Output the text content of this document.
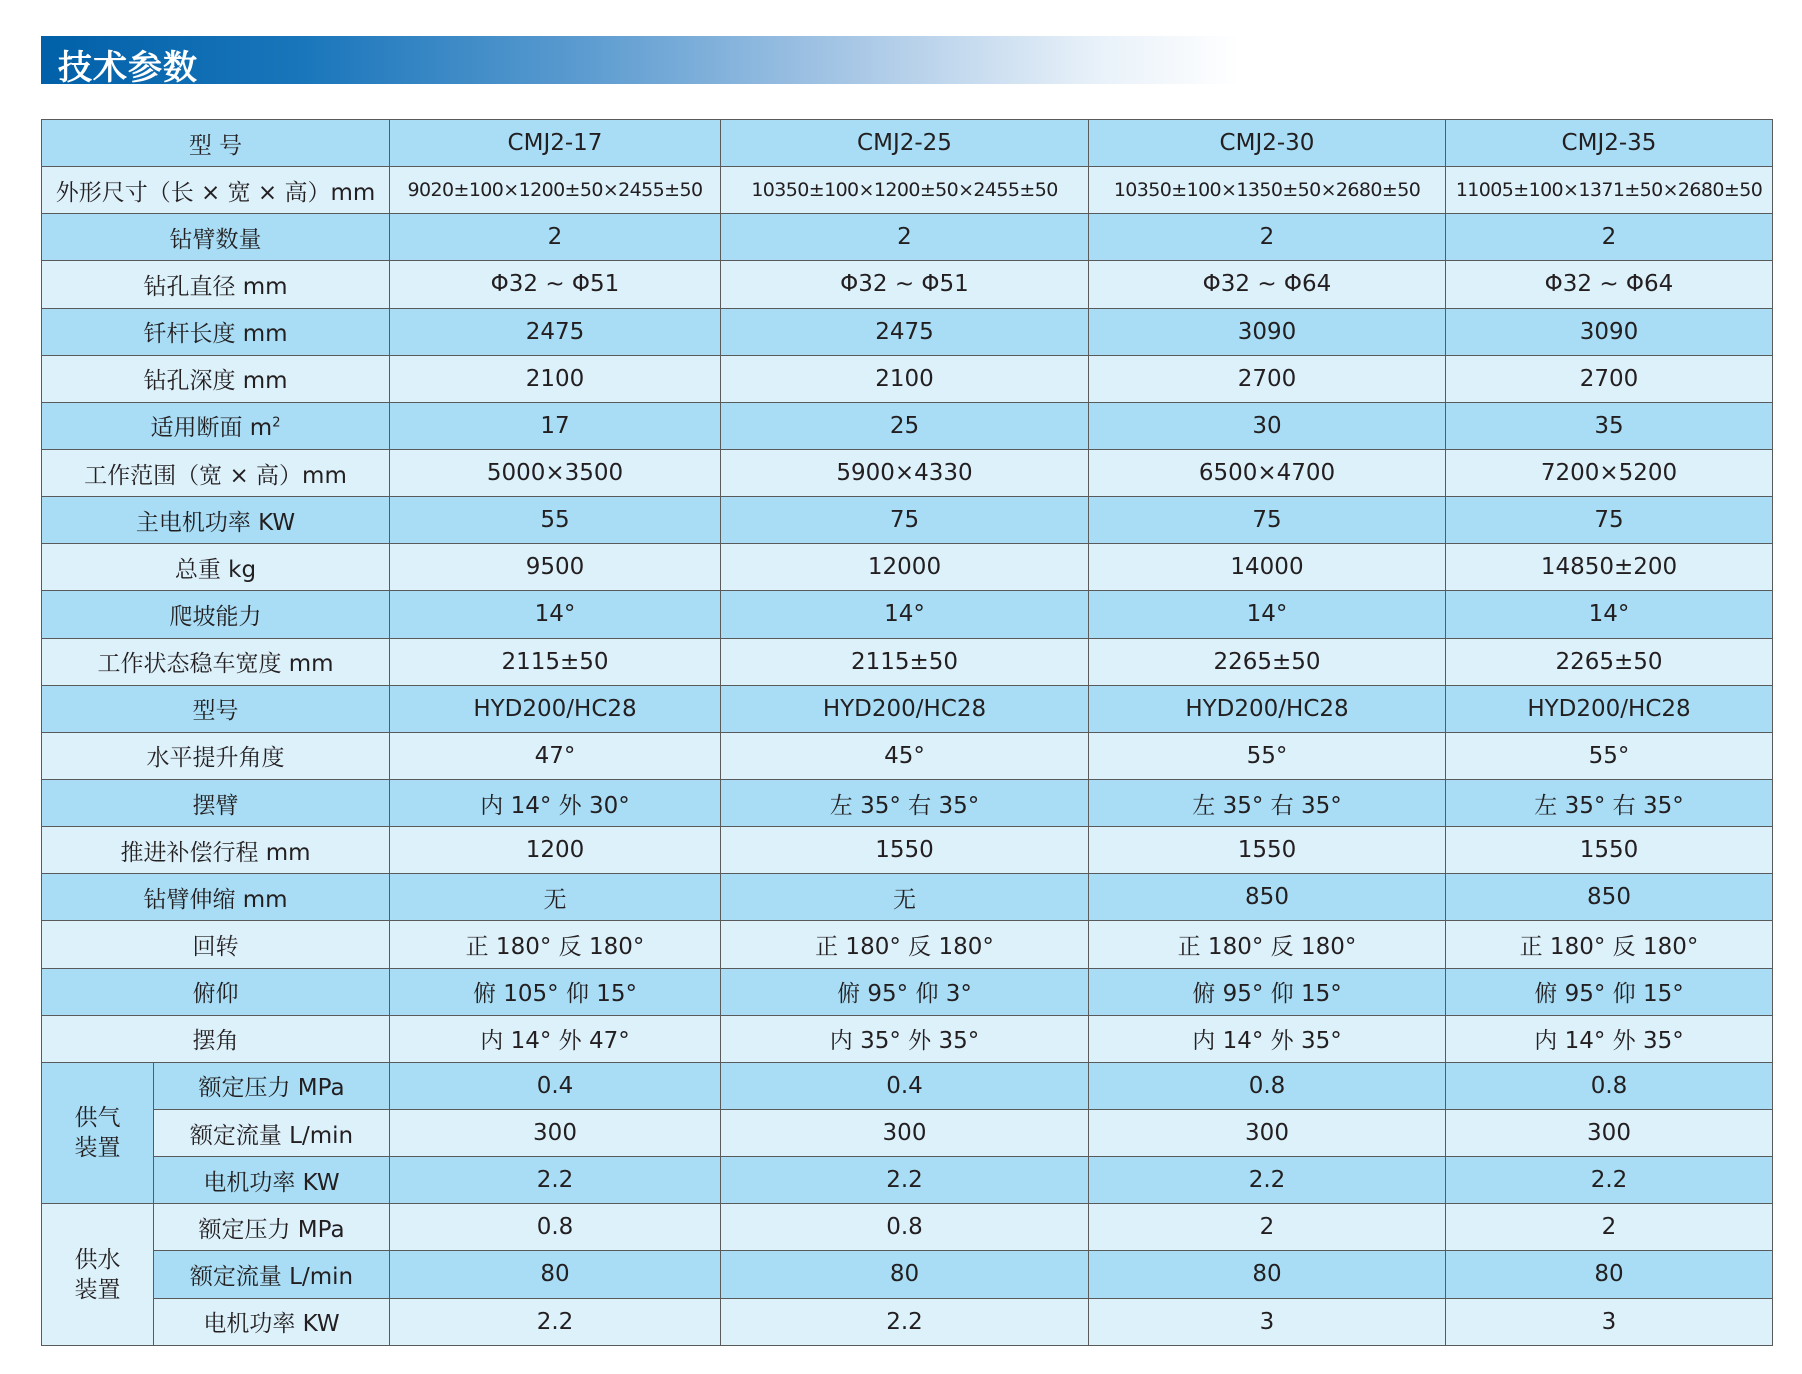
技术参数
型 号		CMJ2-17	CMJ2-25	CMJ2-30	CMJ2-35
外形尺寸（长 × 宽 × 高）mm		9020±100×1200±50×2455±50	10350±100×1200±50×2455±50	10350±100×1350±50×2680±50	11005±100×1371±50×2680±50
钻臂数量		2	2	2	2
钻孔直径 mm		Φ32 ~ Φ51	Φ32 ~ Φ51	Φ32 ~ Φ64	Φ32 ~ Φ64
钎杆长度 mm		2475	2475	3090	3090
钻孔深度 mm		2100	2100	2700	2700
适用断面 $m^2$		17	25	30	35
工作范围（宽 × 高）mm		5000×3500	5900×4330	6500×4700	7200×5200
主电机功率 KW		55	75	75	75
总重 kg		9500	12000	14000	14850±200
爬坡能力		14°	14°	14°	14°
工作状态稳车宽度 mm		2115±50	2115±50	2265±50	2265±50
型号		HYD200/HC28	HYD200/HC28	HYD200/HC28	HYD200/HC28
水平提升角度		47°	45°	55°	55°
摆臂		内 14° 外 30°	左 35° 右 35°	左 35° 右 35°	左 35° 右 35°
推进补偿行程 mm		1200	1550	1550	1550
钻臂伸缩 mm		无	无	850	850
回转		正 180° 反 180°	正 180° 反 180°	正 180° 反 180°	正 180° 反 180°
俯仰		俯 105° 仰 15°	俯 95° 仰 3°	俯 95° 仰 15°	俯 95° 仰 15°
摆角		内 14° 外 47°	内 35° 外 35°	内 14° 外 35°	内 14° 外 35°
供气
装置	额定压力 MPa	0.4	0.4	0.8	0.8
	额定流量 L/min	300	300	300	300
	电机功率 KW	2.2	2.2	2.2	2.2
供水
装置	额定压力 MPa	0.8	0.8	2	2
	额定流量 L/min	80	80	80	80
	电机功率 KW	2.2	2.2	3	3
